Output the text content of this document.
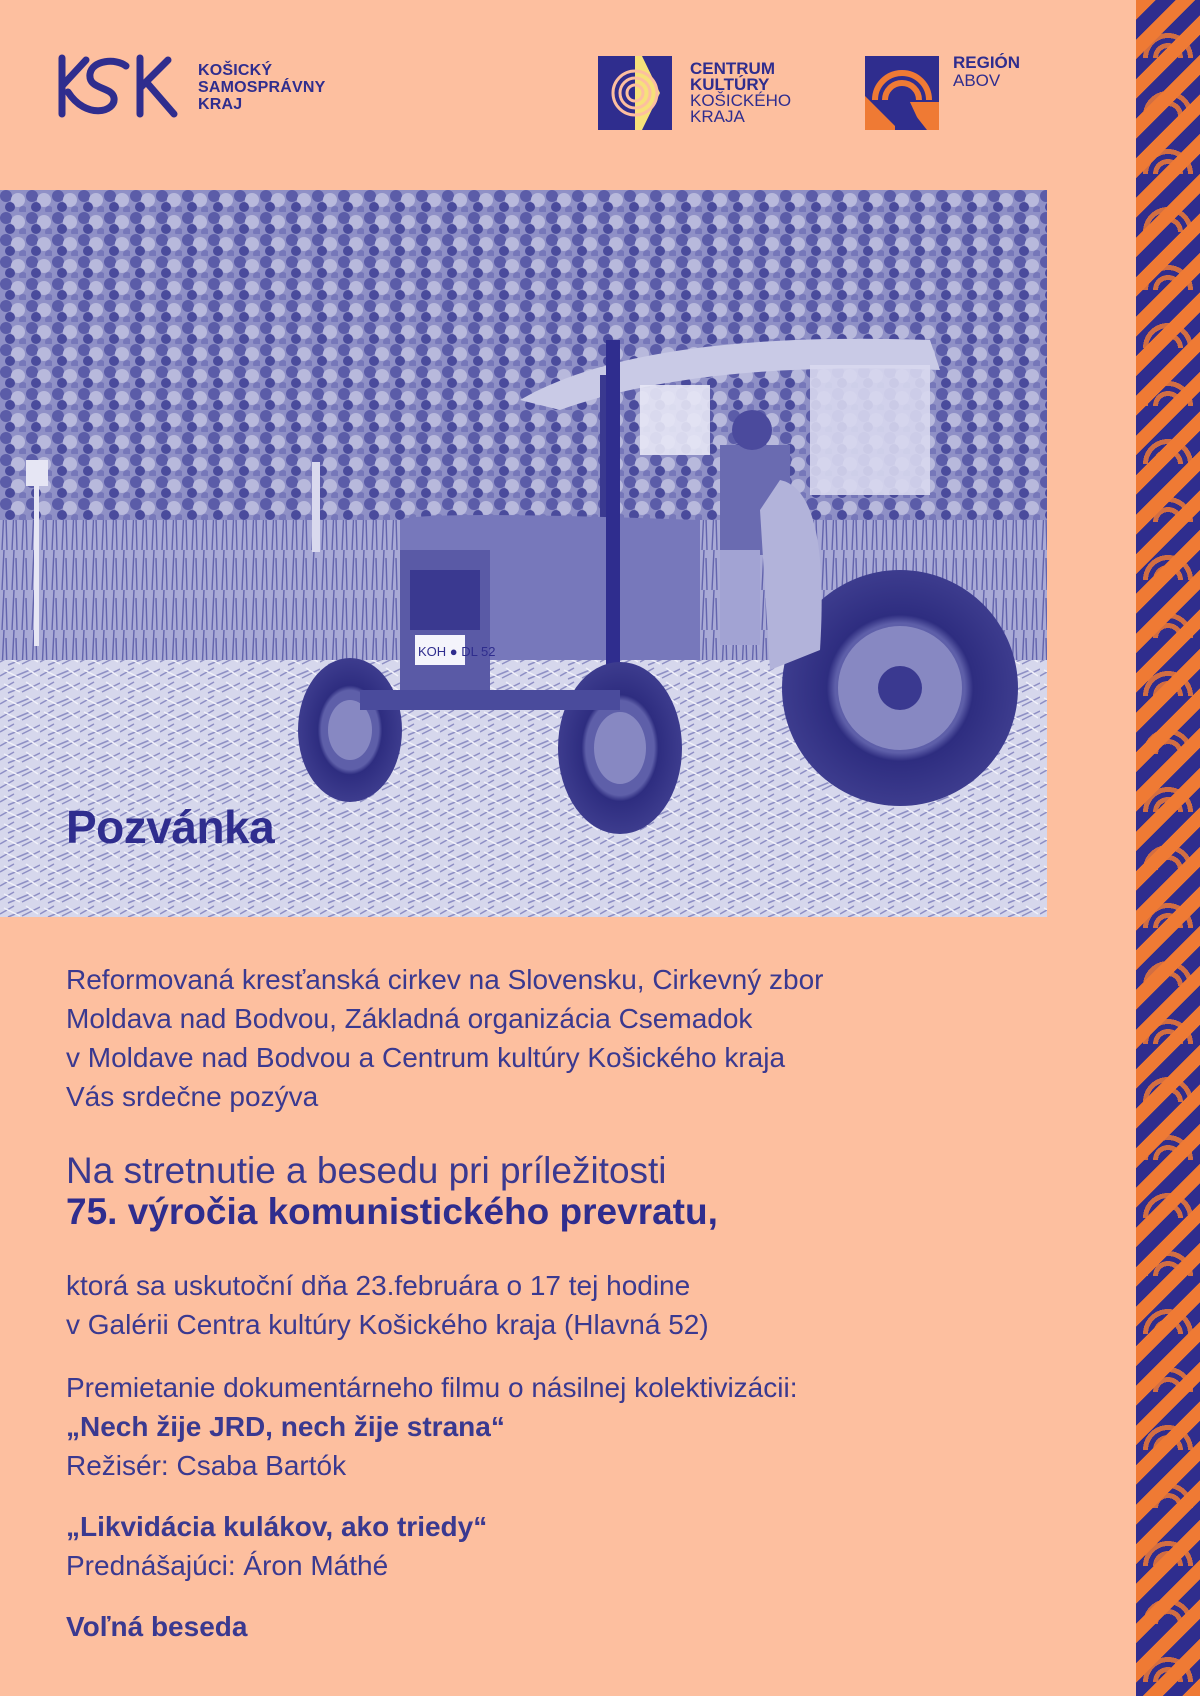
KOŠICKÝ
SAMOSPRÁVNY
KRAJ
CENTRUM
KULTÚRY
KOŠICKÉHO
KRAJA
REGIÓN
ABOV
KOH ● DL 52
Pozvánka

Reformovaná kresťanská cirkev na Slovensku, Cirkevný zbor

Moldava nad Bodvou, Základná organizácia Csemadok

v Moldave nad Bodvou a Centrum kultúry Košického kraja

Vás srdečne pozýva

Na stretnutie a besedu pri príležitosti

75. výročia komunistického prevratu,

ktorá sa uskutoční dňa 23.februára o 17 tej hodine

v Galérii Centra kultúry Košického kraja (Hlavná 52)

Premietanie dokumentárneho filmu o násilnej kolektivizácii:

„Nech žije JRD, nech žije strana“

Režisér: Csaba Bartók

„Likvidácia kulákov, ako triedy“

Prednášajúci: Áron Máthé

Voľná beseda
